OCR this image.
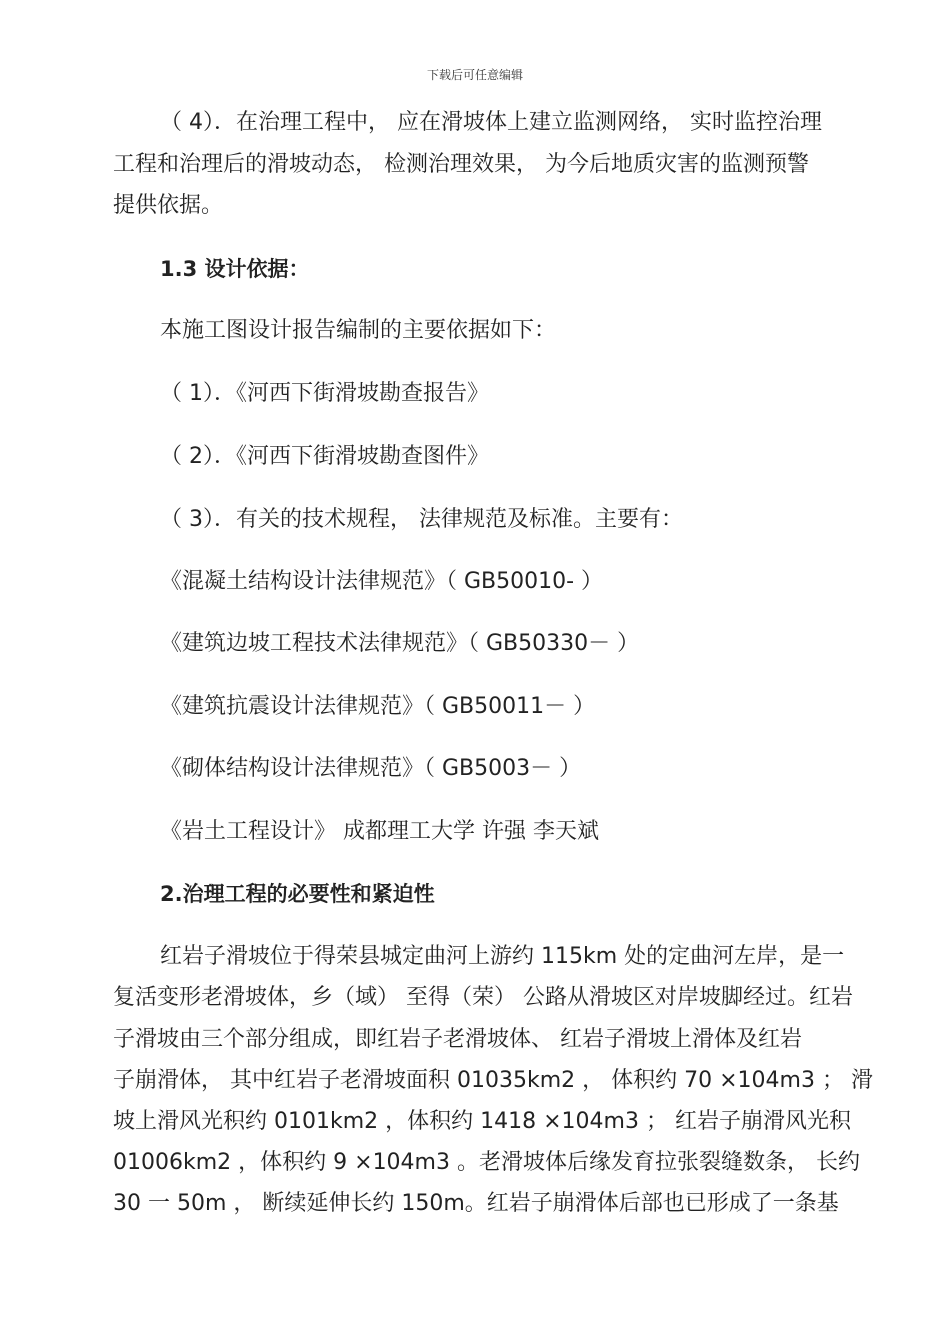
下载后可任意编辑
（ 4）．在治理工程中， 应在滑坡体上建立监测网络， 实时监控治理
工程和治理后的滑坡动态， 检测治理效果， 为今后地质灾害的监测预警
提供依据。
1.3 设计依据：
本施工图设计报告编制的主要依据如下：
（ 1）．《河西下街滑坡勘查报告》
（ 2）．《河西下街滑坡勘查图件》
（ 3）．有关的技术规程， 法律规范及标准。主要有：
《混凝土结构设计法律规范》（ GB50010- ）
《建筑边坡工程技术法律规范》（ GB50330－ ）
《建筑抗震设计法律规范》（ GB50011－ ）
《砌体结构设计法律规范》（ GB5003－ ）
《岩土工程设计》 成都理工大学 许强 李天斌
2.治理工程的必要性和紧迫性
红岩子滑坡位于得荣县城定曲河上游约 115km 处的定曲河左岸，是一
复活变形老滑坡体，乡（域） 至得（荣） 公路从滑坡区对岸坡脚经过。红岩
子滑坡由三个部分组成，即红岩子老滑坡体、 红岩子滑坡上滑体及红岩
子崩滑体， 其中红岩子老滑坡面积 01035km2 ， 体积约 70 ×104m3 ； 滑
坡上滑风光积约 0101km2 ，体积约 1418 ×104m3 ； 红岩子崩滑风光积
01006km2 ，体积约 9 ×104m3 。老滑坡体后缘发育拉张裂缝数条， 长约
30 一 50m ， 断续延伸长约 150m。红岩子崩滑体后部也已形成了一条基
